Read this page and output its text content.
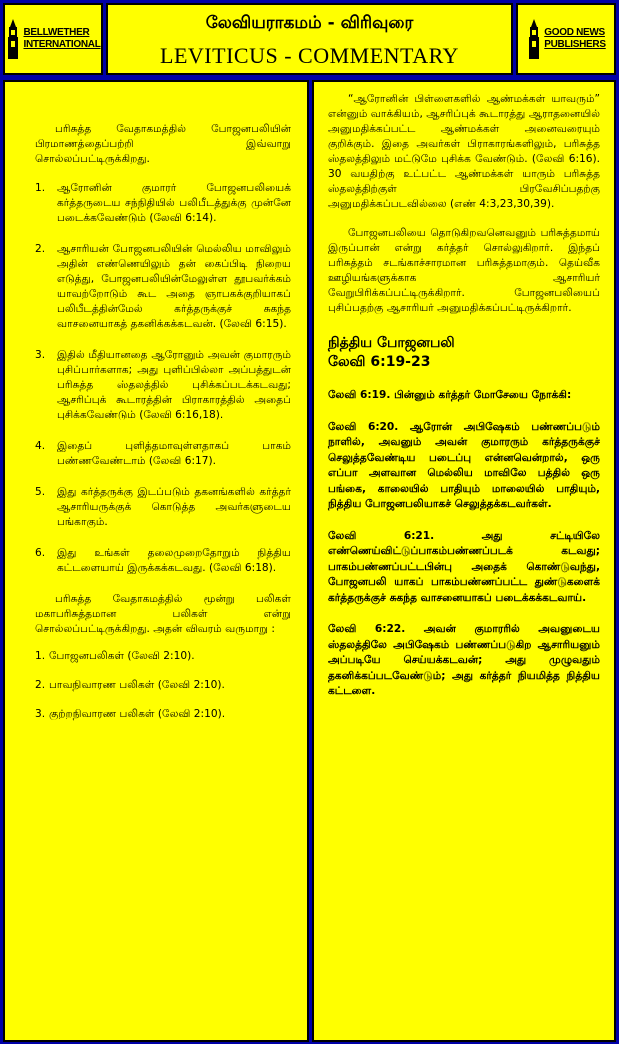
BELLWETHER
INTERNATIONAL
லேவியராகமம் - விரிவுரை
LEVITICUS - COMMENTARY
GOOD NEWS
PUBLISHERS

பரிசுத்த வேதாகமத்தில் போஜனபலியின் பிரமாணத்தைப்பற்றி இவ்வாறு சொல்லப்பட்டிருக்கிறது.

1.	ஆரோனின் குமாரர் போஜனபலியைக் கர்த்தருடைய சந்நிதியில் பலிபீடத்துக்கு முன்னே படைக்கவேண்டும் (லேவி 6:14).

2.	ஆசாரியன் போஜனபலியின் மெல்லிய மாவிலும் அதின் எண்ணெயிலும் தன் கைப்பிடி நிறைய எடுத்து, போஜனபலியின்மேலுள்ள தூபவர்க்கம் யாவற்றோடும் கூட அதை ஞாபகக்குறியாகப் பலிபீடத்தின்மேல் கர்த்தருக்குச் சுகந்த வாசனையாகத் தகனிக்கக்கடவன். (லேவி 6:15).

3.	இதில் மீதியானதை ஆரோனும் அவன் குமாரரும் புசிப்பார்களாக; அது புளிப்பில்லா அப்பத்துடன் பரிசுத்த ஸ்தலத்தில் புசிக்கப்படக்கடவது; ஆசரிப்புக் கூடாரத்தின் பிராகாரத்தில் அதைப் புசிக்கவேண்டும் (லேவி 6:16,18).

4.	இதைப் புளித்தமாவுள்ளதாகப் பாகம் பண்ணவேண்டாம் (லேவி 6:17).

5.	இது கர்த்தருக்கு இடப்படும் தகனங்களில் கர்த்தர் ஆசாரியருக்குக் கொடுத்த அவர்களுடைய பங்காகும்.

6.	இது உங்கள் தலைமுறைதோறும் நித்திய கட்டளையாய் இருக்கக்கடவது. (லேவி 6:18).

பரிசுத்த வேதாகமத்தில் மூன்று பலிகள் மகாபரிசுத்தமான பலிகள் என்று சொல்லப்பட்டிருக்கிறது. அதன் விவரம் வருமாறு :

1. போஜனபலிகள் (லேவி 2:10).

2. பாவநிவாரண பலிகள் (லேவி 2:10).

3. குற்றநிவாரண பலிகள் (லேவி 2:10).

“ஆரோனின் பிள்ளைகளில் ஆண்மக்கள் யாவரும்” என்னும் வாக்கியம், ஆசரிப்புக் கூடாரத்து ஆராதனையில் அனுமதிக்கப்பட்ட ஆண்மக்கள் அனைவரையும் குறிக்கும். இதை அவர்கள் பிராகாரங்களிலும், பரிசுத்த ஸ்தலத்திலும் மட்டுமே புசிக்க வேண்டும். (லேவி 6:16). 30 வயதிற்கு உட்பட்ட ஆண்மக்கள் யாரும் பரிசுத்த ஸ்தலத்திற்குள் பிரவேசிப்பதற்கு அனுமதிக்கப்படவில்லை (எண் 4:3,23,30,39).

போஜனபலியை தொடுகிறவனெவனும் பரிசுத்தமாய் இருப்பான் என்று கர்த்தர் சொல்லுகிறார். இந்தப் பரிசுத்தம் சடங்காச்சாரமான பரிசுத்தமாகும். தெய்வீக ஊழியங்களுக்காக ஆசாரியர் வேறுபிரிக்கப்பட்டிருக்கிறார். போஜனபலியைப் புசிப்பதற்கு ஆசாரியர் அனுமதிக்கப்பட்டிருக்கிறார்.

நித்திய போஜனபலி
லேவி 6:19-23

லேவி 6:19. பின்னும் கர்த்தர் மோசேயை நோக்கி:

லேவி 6:20. ஆரோன் அபிஷேகம் பண்ணப்படும் நாளில், அவனும் அவன் குமாரரும் கர்த்தருக்குச் செலுத்தவேண்டிய படைப்பு என்னவென்றால், ஒரு எப்பா அளவான மெல்லிய மாவிலே பத்தில் ஒரு பங்கை, காலையில் பாதியும் மாலையில் பாதியும், நித்திய போஜனபலியாகச் செலுத்தக்கடவர்கள்.

லேவி 6:21. அது சட்டியிலே எண்ணெய்விட்டுப்பாகம்பண்ணப்படக் கடவது; பாகம்பண்ணப்பட்டபின்பு அதைக் கொண்டுவந்து, போஜனபலி யாகப் பாகம்பண்ணப்பட்ட துண்டுகளைக் கர்த்தருக்குச் சுகந்த வாசனையாகப் படைக்கக்கடவாய்.

லேவி 6:22. அவன் குமாரரில் அவனுடைய ஸ்தலத்திலே அபிஷேகம் பண்ணப்படுகிற ஆசாரியனும் அப்படியே செய்யக்கடவன்; அது முழுவதும் தகனிக்கப்படவேண்டும்; அது கர்த்தர் நியமித்த நித்திய கட்டளை.
